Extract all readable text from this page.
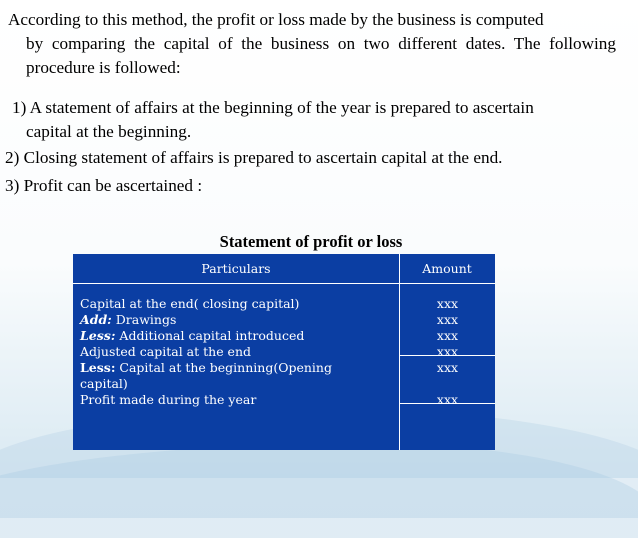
According to this method, the profit or loss made by the business is computed
by comparing the capital of the business on two different dates. The following procedure is followed:

1) A statement of affairs at the beginning of the year is prepared to ascertain
capital at the beginning.

2) Closing statement of affairs is prepared to ascertain capital at the end.

3) Profit can be ascertained :

Statement of profit or loss
Particulars	Amount
Capital at the end( closing capital)
Add: Drawings
Less: Additional capital introduced
Adjusted capital at the end
Less: Capital at the beginning(Opening
capital)
Profit made during the year
xxx
xxx
xxx
xxx
xxx

xxx
